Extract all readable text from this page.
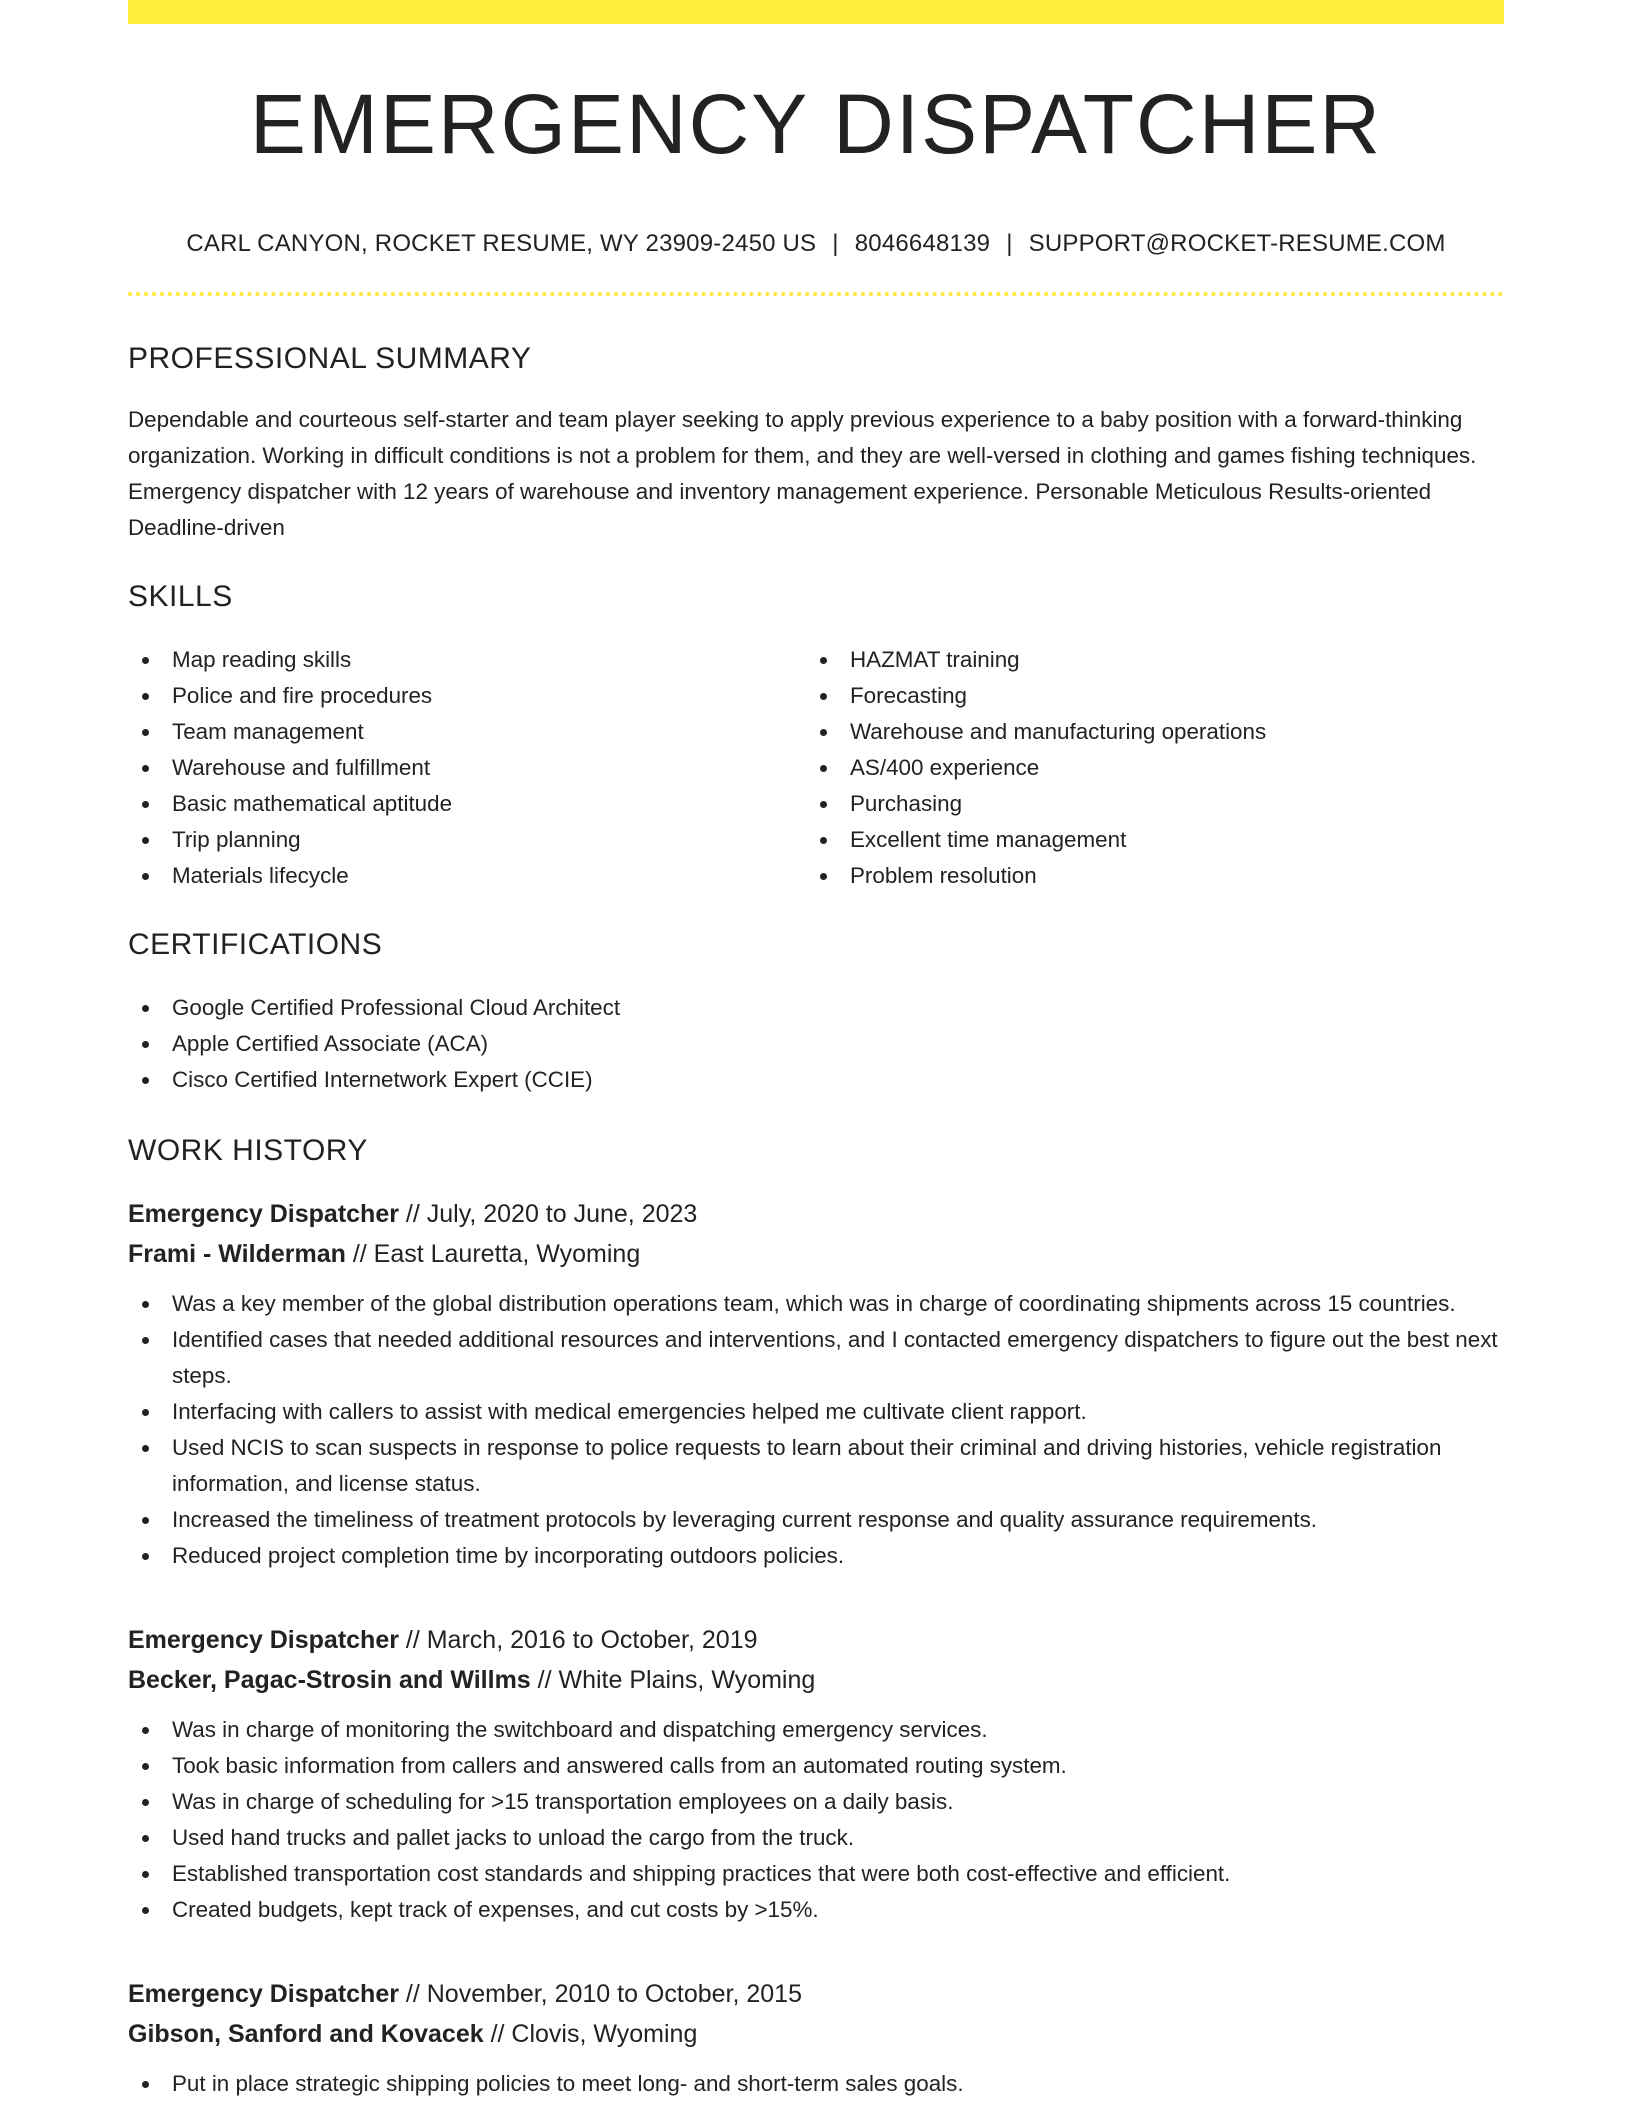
EMERGENCY DISPATCHER
CARL CANYON, ROCKET RESUME, WY 23909-2450 US | 8046648139 | SUPPORT@ROCKET-RESUME.COM
PROFESSIONAL SUMMARY

Dependable and courteous self-starter and team player seeking to apply previous experience to a baby position with a forward-thinking organization. Working in difficult conditions is not a problem for them, and they are well-versed in clothing and games fishing techniques. Emergency dispatcher with 12 years of warehouse and inventory management experience. Personable Meticulous Results-oriented Deadline-driven

SKILLS
Map reading skills
Police and fire procedures
Team management
Warehouse and fulfillment
Basic mathematical aptitude
Trip planning
Materials lifecycle
HAZMAT training
Forecasting
Warehouse and manufacturing operations
AS/400 experience
Purchasing
Excellent time management
Problem resolution
CERTIFICATIONS
Google Certified Professional Cloud Architect
Apple Certified Associate (ACA)
Cisco Certified Internetwork Expert (CCIE)
WORK HISTORY
Emergency Dispatcher // July, 2020 to June, 2023
Frami - Wilderman // East Lauretta, Wyoming
Was a key member of the global distribution operations team, which was in charge of coordinating shipments across 15 countries.
Identified cases that needed additional resources and interventions, and I contacted emergency dispatchers to figure out the best next steps.
Interfacing with callers to assist with medical emergencies helped me cultivate client rapport.
Used NCIS to scan suspects in response to police requests to learn about their criminal and driving histories, vehicle registration information, and license status.
Increased the timeliness of treatment protocols by leveraging current response and quality assurance requirements.
Reduced project completion time by incorporating outdoors policies.
Emergency Dispatcher // March, 2016 to October, 2019
Becker, Pagac-Strosin and Willms // White Plains, Wyoming
Was in charge of monitoring the switchboard and dispatching emergency services.
Took basic information from callers and answered calls from an automated routing system.
Was in charge of scheduling for >15 transportation employees on a daily basis.
Used hand trucks and pallet jacks to unload the cargo from the truck.
Established transportation cost standards and shipping practices that were both cost-effective and efficient.
Created budgets, kept track of expenses, and cut costs by >15%.
Emergency Dispatcher // November, 2010 to October, 2015
Gibson, Sanford and Kovacek // Clovis, Wyoming
Put in place strategic shipping policies to meet long- and short-term sales goals.
